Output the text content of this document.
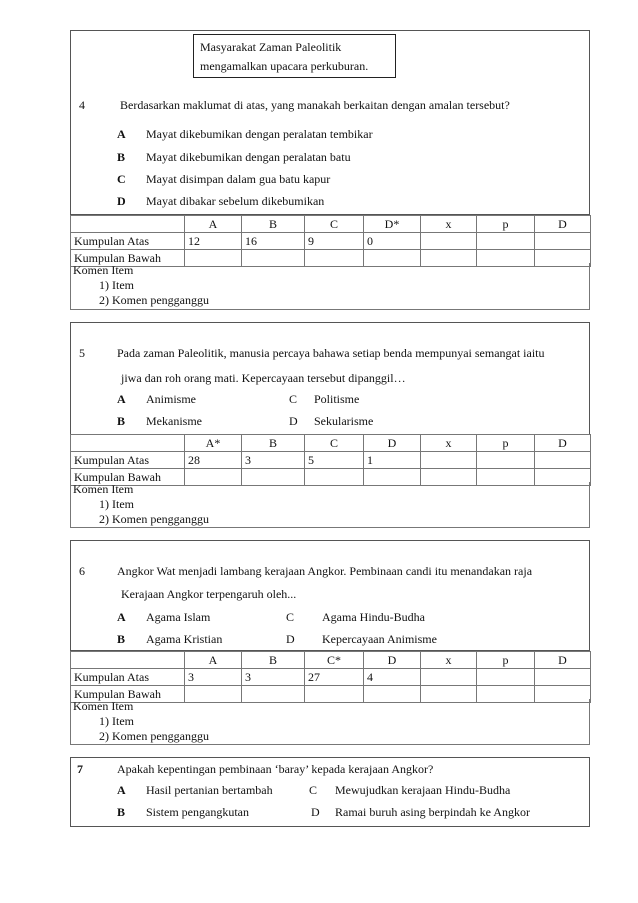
Masyarakat Zaman Paleolitik
mengamalkan upacara perkuburan.
4	Berdasarkan maklumat di atas, yang manakah berkaitan dengan amalan tersebut?
A Mayat dikebumikan dengan peralatan tembikar
B Mayat dikebumikan dengan peralatan batu
C Mayat disimpan dalam gua batu kapur
D Mayat dibakar sebelum dikebumikan
	A	B	C	D*	x	p	D
Kumpulan Atas	12	16	9	0			
Kumpulan Bawah							
Komen Item
1) Item
2) Komen pengganggu
5	Pada zaman Paleolitik, manusia percaya bahawa setiap benda mempunyai semangat iaitu
jiwa dan roh orang mati. Kepercayaan tersebut dipanggil…
A Animisme	C Politisme
B Mekanisme	D Sekularisme
	A*	B	C	D	x	p	D
Kumpulan Atas	28	3	5	1			
Kumpulan Bawah							
Komen Item
1) Item
2) Komen pengganggu
6	Angkor Wat menjadi lambang kerajaan Angkor. Pembinaan candi itu menandakan raja
Kerajaan Angkor terpengaruh oleh...
A Agama Islam	C Agama Hindu-Budha
B Agama Kristian	D Kepercayaan Animisme
	A	B	C*	D	x	p	D
Kumpulan Atas	3	3	27	4			
Kumpulan Bawah							
Komen Item
1) Item
2) Komen pengganggu
7	Apakah kepentingan pembinaan ‘baray’ kepada kerajaan Angkor?
A Hasil pertanian bertambah	C Mewujudkan kerajaan Hindu-Budha
B Sistem pengangkutan	D Ramai buruh asing berpindah ke Angkor
